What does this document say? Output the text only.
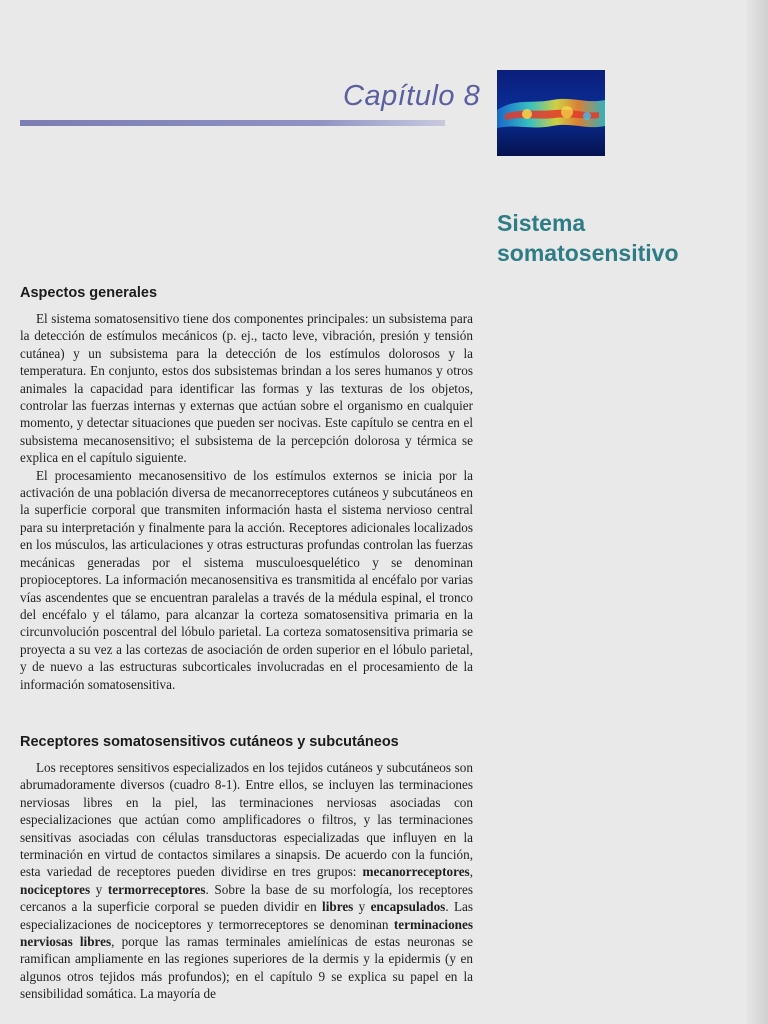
Capítulo 8
Sistema
somatosensitivo
Aspectos generales

El sistema somatosensitivo tiene dos componentes principales: un subsistema para la detección de estímulos mecánicos (p. ej., tacto leve, vibración, presión y tensión cutánea) y un subsistema para la detección de los estímulos dolorosos y la temperatura. En conjunto, estos dos subsistemas brindan a los seres humanos y otros animales la capacidad para identificar las formas y las texturas de los objetos, controlar las fuerzas internas y externas que actúan sobre el organismo en cualquier momento, y detectar situaciones que pueden ser nocivas. Este capítulo se centra en el subsistema mecanosensitivo; el subsistema de la percepción dolorosa y térmica se explica en el capítulo siguiente.

El procesamiento mecanosensitivo de los estímulos externos se inicia por la activación de una población diversa de mecanorreceptores cutáneos y subcutáneos en la superficie corporal que transmiten información hasta el sistema nervioso central para su interpretación y finalmente para la acción. Receptores adicionales localizados en los músculos, las articulaciones y otras estructuras profundas controlan las fuerzas mecánicas generadas por el sistema musculoesquelético y se denominan propioceptores. La información mecanosensitiva es transmitida al encéfalo por varias vías ascendentes que se encuentran paralelas a través de la médula espinal, el tronco del encéfalo y el tálamo, para alcanzar la corteza somatosensitiva primaria en la circunvolución poscentral del lóbulo parietal. La corteza somatosensitiva primaria se proyecta a su vez a las cortezas de asociación de orden superior en el lóbulo parietal, y de nuevo a las estructuras subcorticales involucradas en el procesamiento de la información somatosensitiva.

Receptores somatosensitivos cutáneos y subcutáneos

Los receptores sensitivos especializados en los tejidos cutáneos y subcutáneos son abrumadoramente diversos (cuadro 8-1). Entre ellos, se incluyen las terminaciones nerviosas libres en la piel, las terminaciones nerviosas asociadas con especializaciones que actúan como amplificadores o filtros, y las terminaciones sensitivas asociadas con células transductoras especializadas que influyen en la terminación en virtud de contactos similares a sinapsis. De acuerdo con la función, esta variedad de receptores pueden dividirse en tres grupos: mecanorreceptores, nociceptores y termorreceptores. Sobre la base de su morfología, los receptores cercanos a la superficie corporal se pueden dividir en libres y encapsulados. Las especializaciones de nociceptores y termorreceptores se denominan terminaciones nerviosas libres, porque las ramas terminales amielínicas de estas neuronas se ramifican ampliamente en las regiones superiores de la dermis y la epidermis (y en algunos otros tejidos más profundos); en el capítulo 9 se explica su papel en la sensibilidad somática. La mayoría de
